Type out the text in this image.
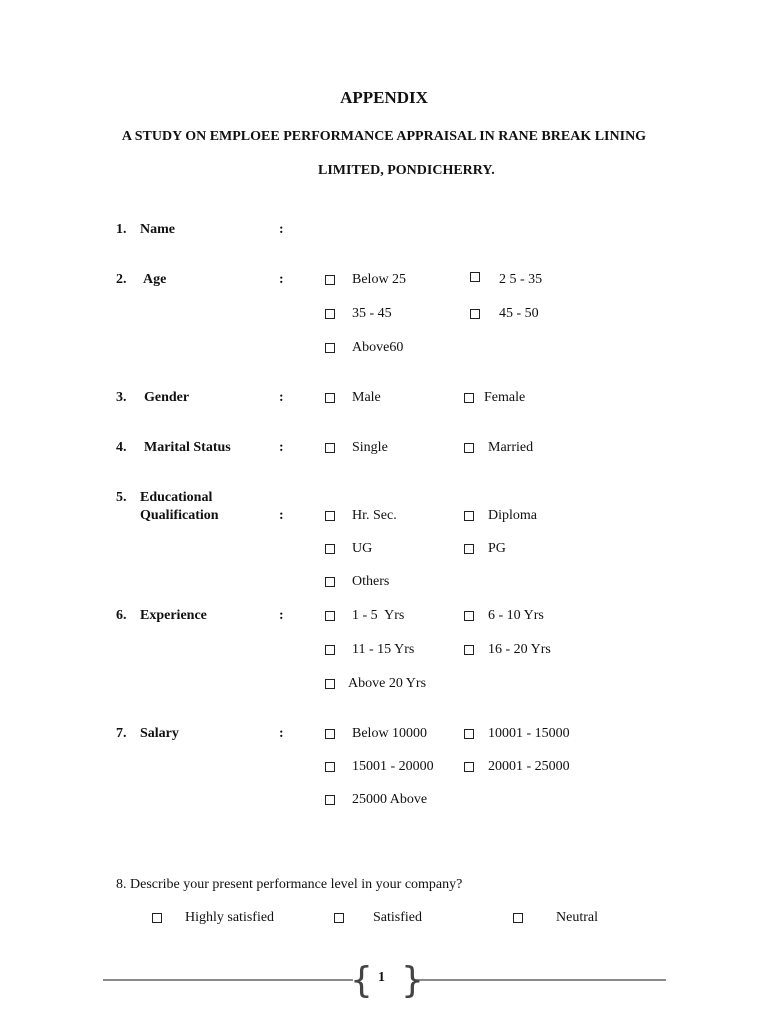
APPENDIX
A STUDY ON EMPLOEE PERFORMANCE APPRAISAL IN RANE BREAK LINING
LIMITED, PONDICHERRY.
1. Name	:
2. Age	:	Below 25	2 5 - 35
35 - 45	45 - 50
Above60
3. Gender	:	Male	Female
4. Marital Status	:	Single	Married
5. Educational
Qualification	:	Hr. Sec.	Diploma
UG	PG
Others
6. Experience	:	1 - 5  Yrs	6 - 10 Yrs
11 - 15 Yrs	16 - 20 Yrs
Above 20 Yrs
7. Salary	:	Below 10000	10001 - 15000
15001 - 20000	20001 - 25000
25000 Above
8. Describe your present performance level in your company?
Highly satisfied	Satisfied	Neutral
{ }
1
